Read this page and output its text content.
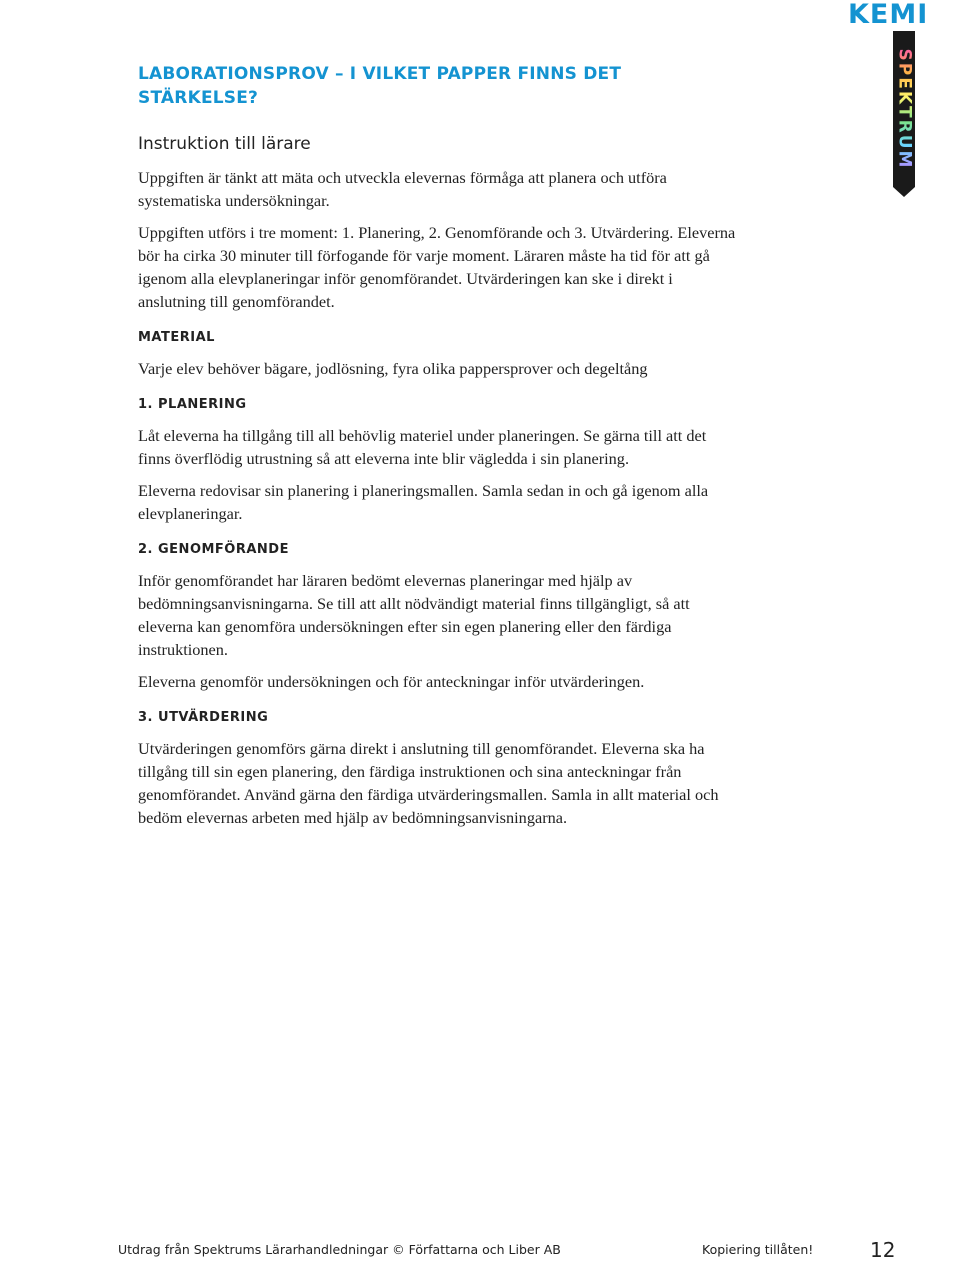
KEMI
SPEKTRUM
LABORATIONSPROV – I VILKET PAPPER FINNS DET STÄRKELSE?
Instruktion till lärare

Uppgiften är tänkt att mäta och utveckla elevernas förmåga att planera och utföra systematiska undersökningar.

Uppgiften utförs i tre moment: 1. Planering, 2. Genomförande och 3. Utvärdering. Eleverna bör ha cirka 30 minuter till förfogande för varje moment. Läraren måste ha tid för att gå igenom alla elevplaneringar inför genomförandet. Utvärderingen kan ske i direkt i anslutning till genomförandet.

MATERIAL

Varje elev behöver bägare, jodlösning, fyra olika pappersprover och degeltång

1. PLANERING

Låt eleverna ha tillgång till all behövlig materiel under planeringen. Se gärna till att det finns överflödig utrustning så att eleverna inte blir vägledda i sin planering.

Eleverna redovisar sin planering i planeringsmallen. Samla sedan in och gå igenom alla elevplaneringar.

2. GENOMFÖRANDE

Inför genomförandet har läraren bedömt elevernas planeringar med hjälp av bedömningsanvisningarna. Se till att allt nödvändigt material finns tillgängligt, så att eleverna kan genomföra undersökningen efter sin egen planering eller den färdiga instruktionen.

Eleverna genomför undersökningen och för anteckningar inför utvärderingen.

3. UTVÄRDERING

Utvärderingen genomförs gärna direkt i anslutning till genomförandet. Eleverna ska ha tillgång till sin egen planering, den färdiga instruktionen och sina anteckningar från genomförandet. Använd gärna den färdiga utvärderingsmallen. Samla in allt material och bedöm elevernas arbeten med hjälp av bedömningsanvisningarna.

Utdrag från Spektrums Lärarhandledningar © Författarna och Liber AB	Kopiering tillåten!	12
